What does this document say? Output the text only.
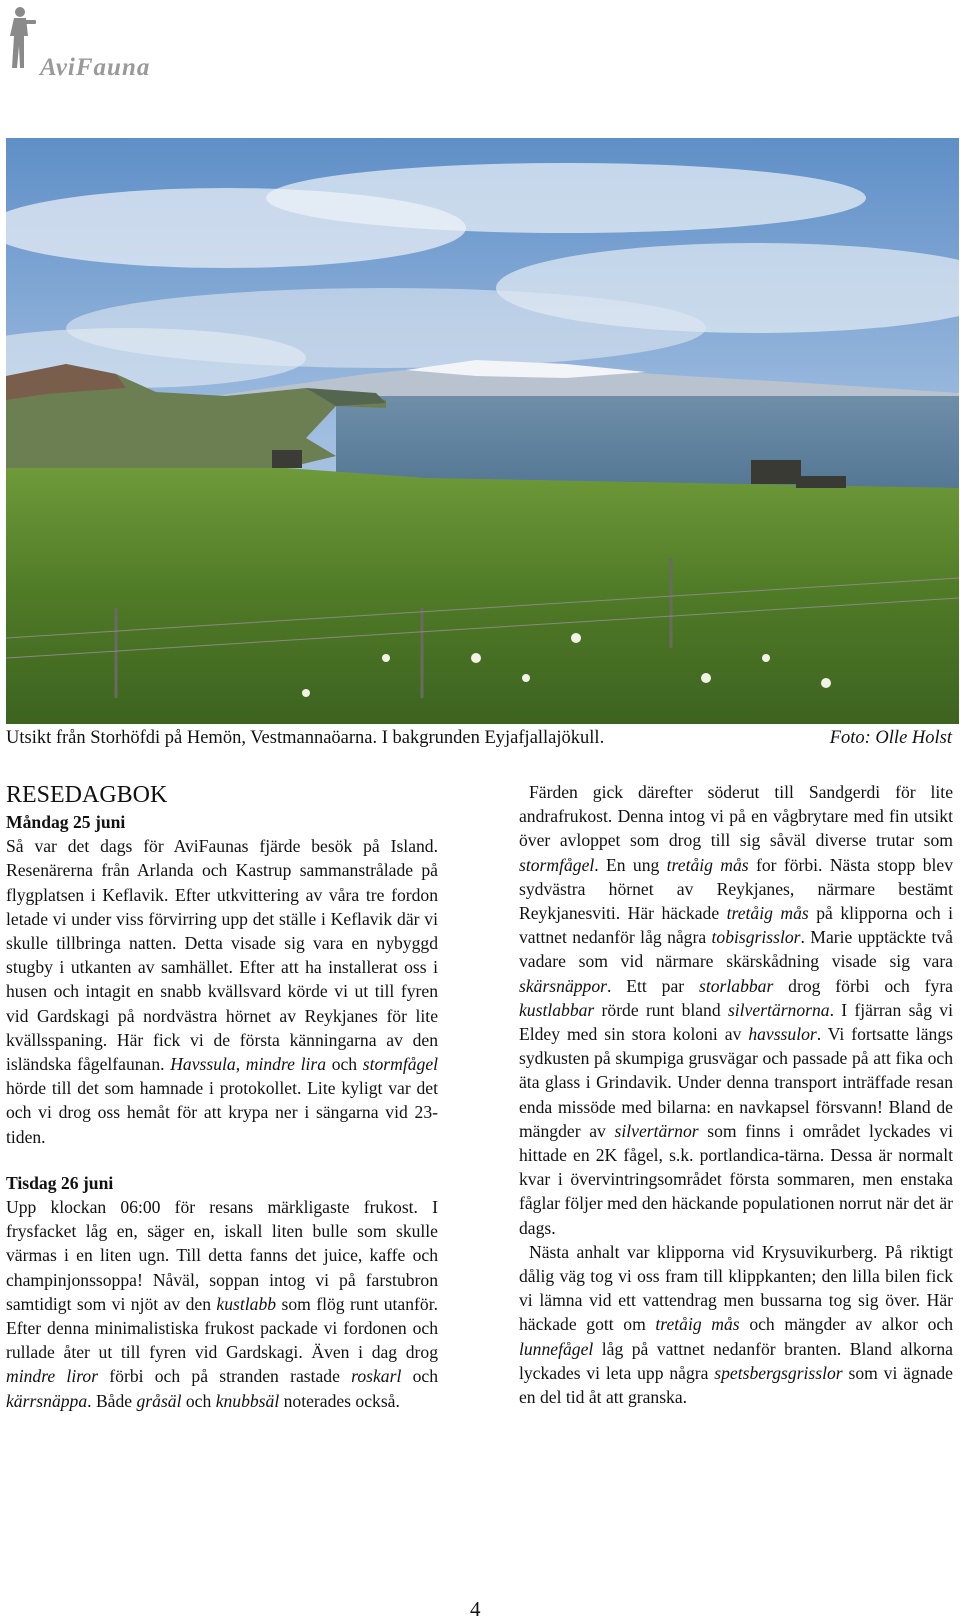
AviFauna
Utsikt från Storhöfdi på Hemön, Vestmannaöarna. I bakgrunden Eyjafjallajökull.	Foto: Olle Holst

RESEDAGBOK

Måndag 25 juni

Så var det dags för AviFaunas fjärde besök på Island. Resenärerna från Arlanda och Kastrup sammanstrålade på flygplatsen i Keflavik. Efter utkvittering av våra tre fordon letade vi under viss förvirring upp det ställe i Keflavik där vi skulle tillbringa natten. Detta visade sig vara en nybyggd stugby i utkanten av samhället. Efter att ha installerat oss i husen och intagit en snabb kvällsvard körde vi ut till fyren vid Gardskagi på nordvästra hörnet av Reykjanes för lite kvällsspaning. Här fick vi de första känningarna av den isländska fågelfaunan. Havssula, mindre lira och stormfågel hörde till det som hamnade i protokollet. Lite kyligt var det och vi drog oss hemåt för att krypa ner i sängarna vid 23-tiden.

Tisdag 26 juni

Upp klockan 06:00 för resans märkligaste frukost. I frysfacket låg en, säger en, iskall liten bulle som skulle värmas i en liten ugn. Till detta fanns det juice, kaffe och champinjonssoppa! Nåväl, soppan intog vi på farstubron samtidigt som vi njöt av den kustlabb som flög runt utanför. Efter denna minimalistiska frukost packade vi fordonen och rullade åter ut till fyren vid Gardskagi. Även i dag drog mindre liror förbi och på stranden rastade roskarl och kärrsnäppa. Både gråsäl och knubbsäl noterades också.

Färden gick därefter söderut till Sandgerdi för lite andrafrukost. Denna intog vi på en vågbrytare med fin utsikt över avloppet som drog till sig såväl diverse trutar som stormfågel. En ung tretåig mås for förbi. Nästa stopp blev sydvästra hörnet av Reykjanes, närmare bestämt Reykjanesviti. Här häckade tretåig mås på klipporna och i vattnet nedanför låg några tobisgrisslor. Marie upptäckte två vadare som vid närmare skärskådning visade sig vara skärsnäppor. Ett par storlabbar drog förbi och fyra kustlabbar rörde runt bland silvertärnorna. I fjärran såg vi Eldey med sin stora koloni av havssulor. Vi fortsatte längs sydkusten på skumpiga grusvägar och passade på att fika och äta glass i Grindavik. Under denna transport inträffade resan enda missöde med bilarna: en navkapsel försvann! Bland de mängder av silvertärnor som finns i området lyckades vi hittade en 2K fågel, s.k. portlandica-tärna. Dessa är normalt kvar i övervintringsområdet första sommaren, men enstaka fåglar följer med den häckande populationen norrut när det är dags.

Nästa anhalt var klipporna vid Krysuvikurberg. På riktigt dålig väg tog vi oss fram till klippkanten; den lilla bilen fick vi lämna vid ett vattendrag men bussarna tog sig över. Här häckade gott om tretåig mås och mängder av alkor och lunnefågel låg på vattnet nedanför branten. Bland alkorna lyckades vi leta upp några spetsbergsgrisslor som vi ägnade en del tid åt att granska.

4
